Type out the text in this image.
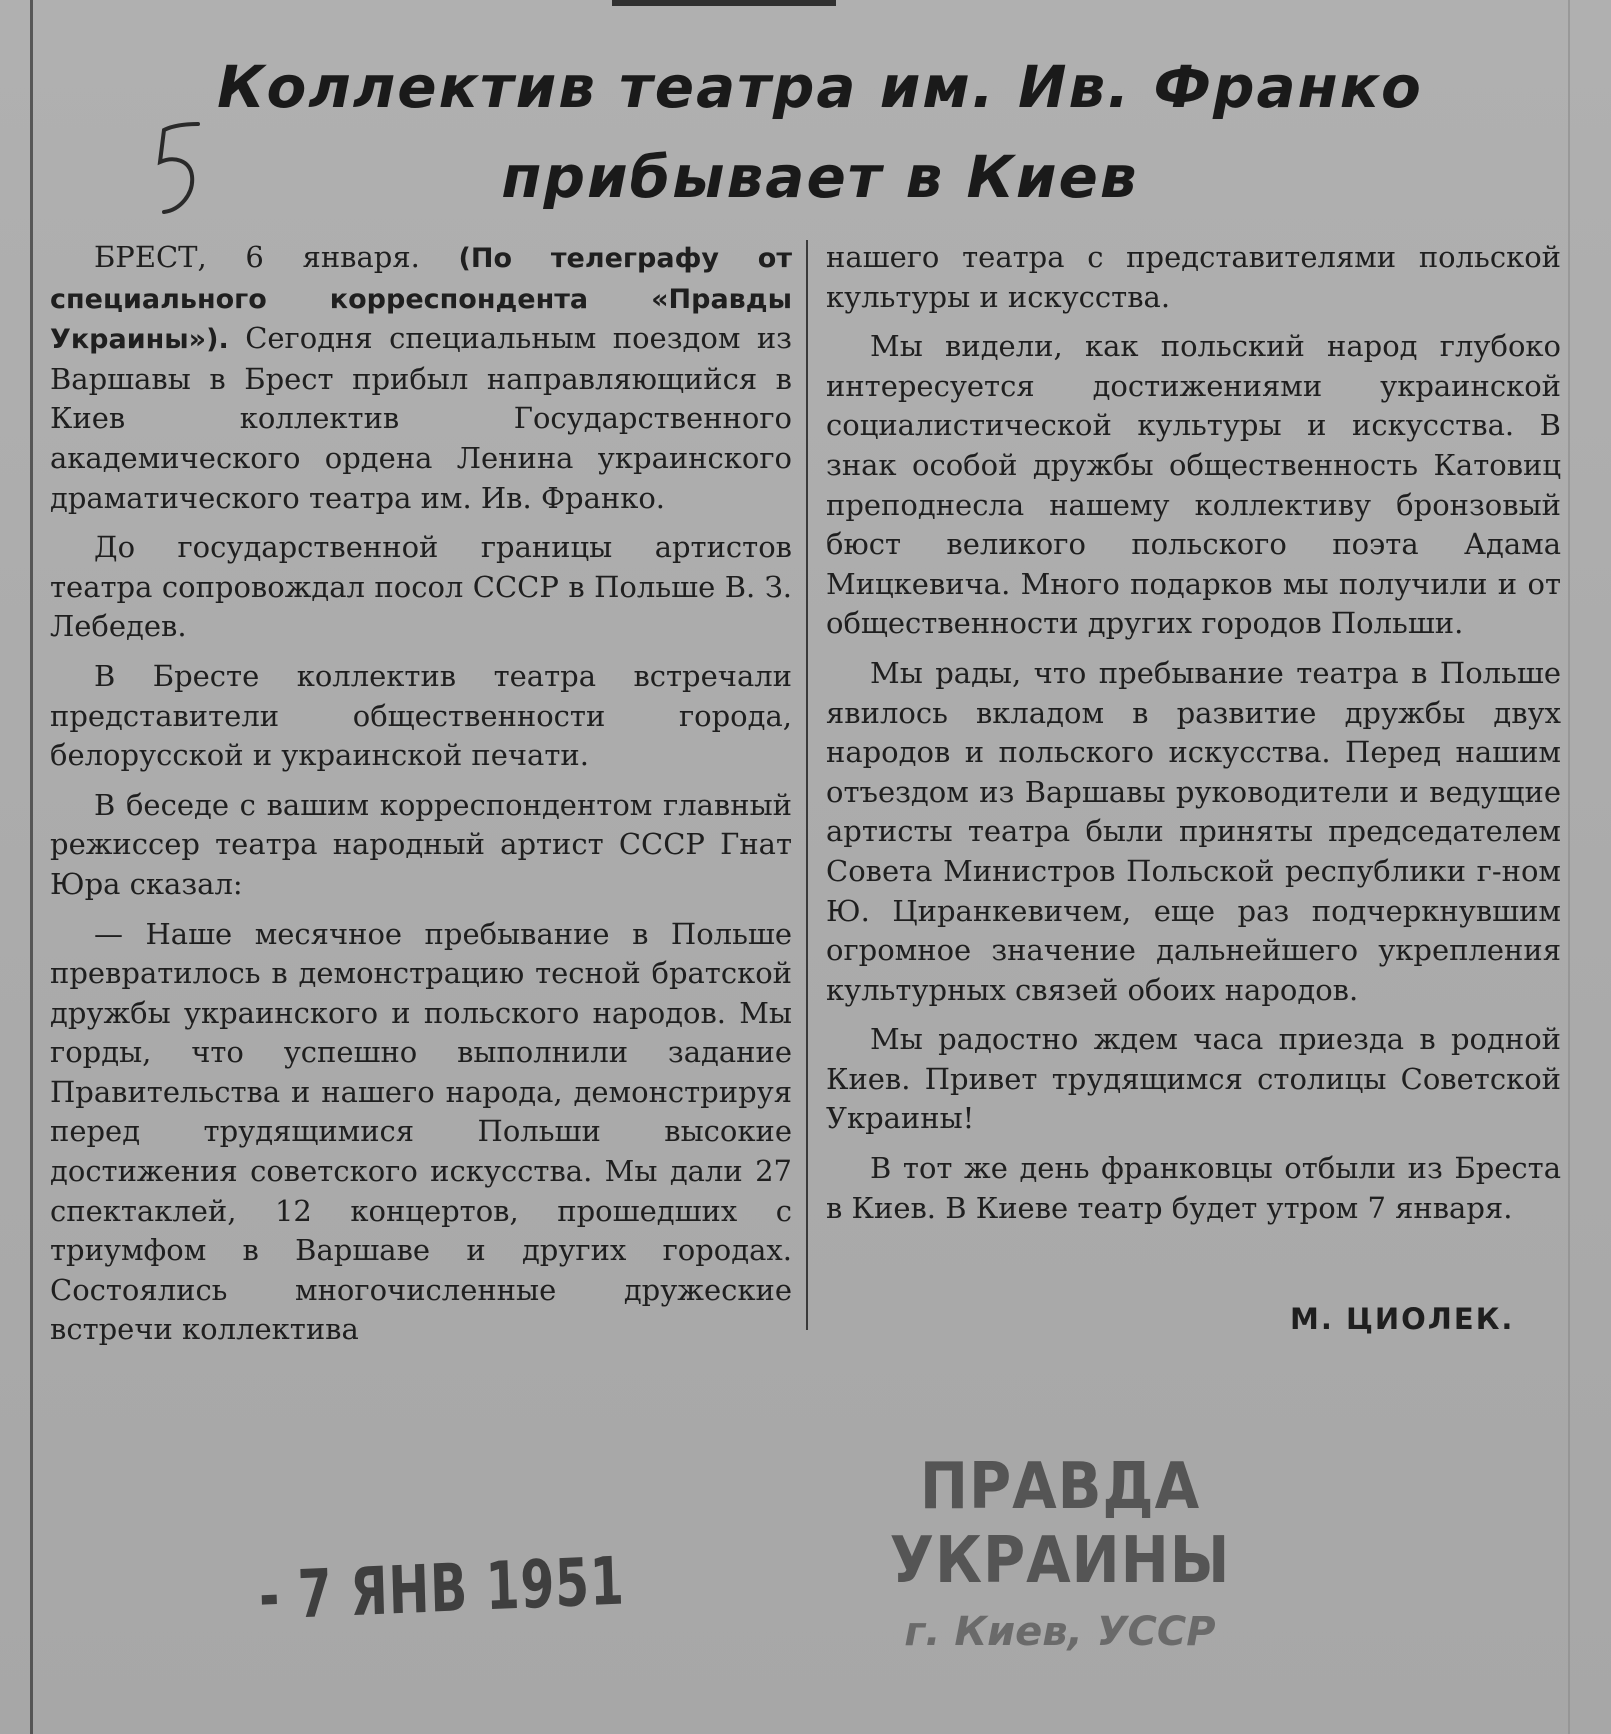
Коллектив театра им. Ив. Франко
прибывает в Киев

БРЕСТ, 6 января. (По телеграфу от специального корреспондента «Правды Украины»). Сегодня специальным поездом из Варшавы в Брест прибыл направляющийся в Киев коллектив Государственного академического ордена Ленина украинского драматического театра им. Ив. Франко.

До государственной границы артистов театра сопровождал посол СССР в Польше В. З. Лебедев.

В Бресте коллектив театра встречали представители общественности города, белорусской и украинской печати.

В беседе с вашим корреспондентом главный режиссер театра народный артист СССР Гнат Юра сказал:

— Наше месячное пребывание в Польше превратилось в демонстрацию тесной братской дружбы украинского и польского народов. Мы горды, что успешно выполнили задание Правительства и нашего народа, демонстрируя перед трудящимися Польши высокие достижения советского искусства. Мы дали 27 спектаклей, 12 концертов, прошедших с триумфом в Варшаве и других городах. Состоялись многочисленные дружеские встречи коллектива

нашего театра с представителями польской культуры и искусства.

Мы видели, как польский народ глубоко интересуется достижениями украинской социалистической культуры и искусства. В знак особой дружбы общественность Катовиц преподнесла нашему коллективу бронзовый бюст великого польского поэта Адама Мицкевича. Много подарков мы получили и от общественности других городов Польши.

Мы рады, что пребывание театра в Польше явилось вкладом в развитие дружбы двух народов и польского искусства. Перед нашим отъездом из Варшавы руководители и ведущие артисты театра были приняты председателем Совета Министров Польской республики г-ном Ю. Циранкевичем, еще раз подчеркнувшим огромное значение дальнейшего укрепления культурных связей обоих народов.

Мы радостно ждем часа приезда в родной Киев. Привет трудящимся столицы Советской Украины!

В тот же день франковцы отбыли из Бреста в Киев. В Киеве театр будет утром 7 января.

М. ЦИОЛЕК.
ПРАВДА УКРАИНЫ
г. Киев, УССР
- 7 ЯНВ 1951
